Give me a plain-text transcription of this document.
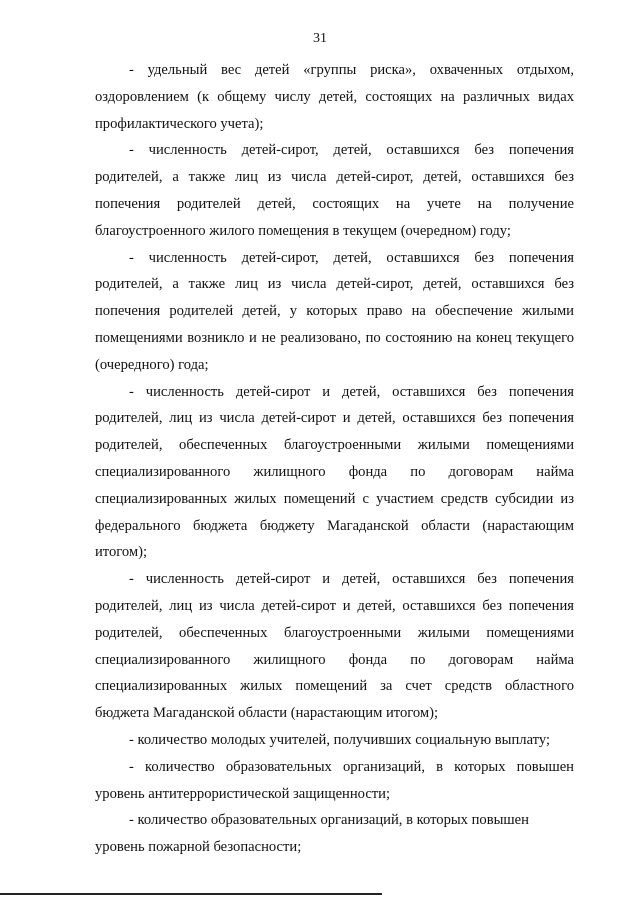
31

- удельный вес детей «группы риска», охваченных отдыхом, оздоровлением (к общему числу детей, состоящих на различных видах профилактического учета);

- численность детей-сирот, детей, оставшихся без попечения родителей, а также лиц из числа детей-сирот, детей, оставшихся без попечения родителей детей, состоящих на учете на получение благоустроенного жилого помещения в текущем (очередном) году;

- численность детей-сирот, детей, оставшихся без попечения родителей, а также лиц из числа детей-сирот, детей, оставшихся без попечения родителей детей, у которых право на обеспечение жилыми помещениями возникло и не реализовано, по состоянию на конец текущего (очередного) года;

- численность детей-сирот и детей, оставшихся без попечения родителей, лиц из числа детей-сирот и детей, оставшихся без попечения родителей, обеспеченных благоустроенными жилыми помещениями специализированного жилищного фонда по договорам найма специализированных жилых помещений с участием средств субсидии из федерального бюджета бюджету Магаданской области (нарастающим итогом);

- численность детей-сирот и детей, оставшихся без попечения родителей, лиц из числа детей-сирот и детей, оставшихся без попечения родителей, обеспеченных благоустроенными жилыми помещениями специализированного жилищного фонда по договорам найма специализированных жилых помещений за счет средств областного бюджета Магаданской области (нарастающим итогом);

- количество молодых учителей, получивших социальную выплату;

- количество образовательных организаций, в которых повышен уровень антитеррористической защищенности;

- количество образовательных организаций, в которых повышен уровень пожарной безопасности;
